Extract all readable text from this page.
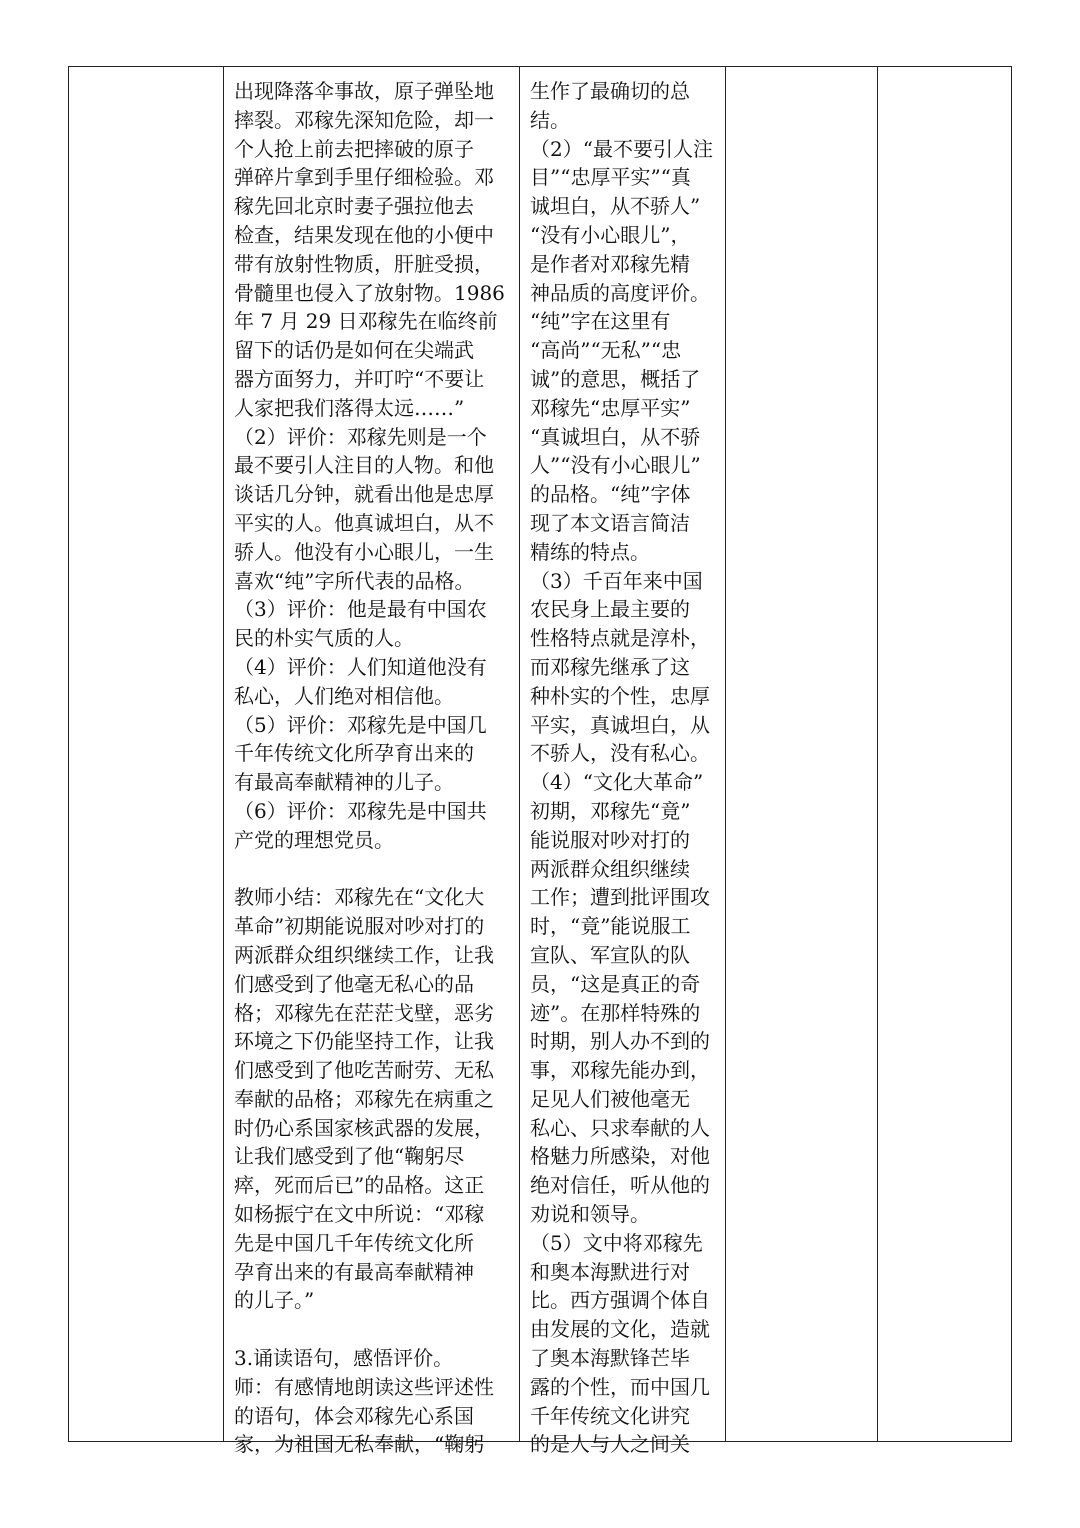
出现降落伞事故，原子弹坠地
摔裂。邓稼先深知危险，却一
个人抢上前去把摔破的原子
弹碎片拿到手里仔细检验。邓
稼先回北京时妻子强拉他去
检查，结果发现在他的小便中
带有放射性物质，肝脏受损，
骨髓里也侵入了放射物。1986
年 7 月 29 日邓稼先在临终前
留下的话仍是如何在尖端武
器方面努力，并叮咛“不要让
人家把我们落得太远……”
（2）评价：邓稼先则是一个
最不要引人注目的人物。和他
谈话几分钟，就看出他是忠厚
平实的人。他真诚坦白，从不
骄人。他没有小心眼儿，一生
喜欢“纯”字所代表的品格。
（3）评价：他是最有中国农
民的朴实气质的人。
（4）评价：人们知道他没有
私心，人们绝对相信他。
（5）评价：邓稼先是中国几
千年传统文化所孕育出来的
有最高奉献精神的儿子。
（6）评价：邓稼先是中国共
产党的理想党员。
教师小结：邓稼先在“文化大
革命”初期能说服对吵对打的
两派群众组织继续工作，让我
们感受到了他毫无私心的品
格；邓稼先在茫茫戈壁，恶劣
环境之下仍能坚持工作，让我
们感受到了他吃苦耐劳、无私
奉献的品格；邓稼先在病重之
时仍心系国家核武器的发展，
让我们感受到了他“鞠躬尽
瘁，死而后已”的品格。这正
如杨振宁在文中所说：“邓稼
先是中国几千年传统文化所
孕育出来的有最高奉献精神
的儿子。”
3.诵读语句，感悟评价。
师：有感情地朗读这些评述性
的语句，体会邓稼先心系国
家，为祖国无私奉献，“鞠躬
生作了最确切的总
结。
（2）“最不要引人注
目”“忠厚平实”“真
诚坦白，从不骄人”
“没有小心眼儿”，
是作者对邓稼先精
神品质的高度评价。
“纯”字在这里有
“高尚”“无私”“忠
诚”的意思，概括了
邓稼先“忠厚平实”
“真诚坦白，从不骄
人”“没有小心眼儿”
的品格。“纯”字体
现了本文语言简洁
精练的特点。
（3）千百年来中国
农民身上最主要的
性格特点就是淳朴，
而邓稼先继承了这
种朴实的个性，忠厚
平实，真诚坦白，从
不骄人，没有私心。
（4）“文化大革命”
初期，邓稼先“竟”
能说服对吵对打的
两派群众组织继续
工作；遭到批评围攻
时，“竟”能说服工
宣队、军宣队的队
员，“这是真正的奇
迹”。在那样特殊的
时期，别人办不到的
事，邓稼先能办到，
足见人们被他毫无
私心、只求奉献的人
格魅力所感染，对他
绝对信任，听从他的
劝说和领导。
（5）文中将邓稼先
和奥本海默进行对
比。西方强调个体自
由发展的文化，造就
了奥本海默锋芒毕
露的个性，而中国几
千年传统文化讲究
的是人与人之间关
